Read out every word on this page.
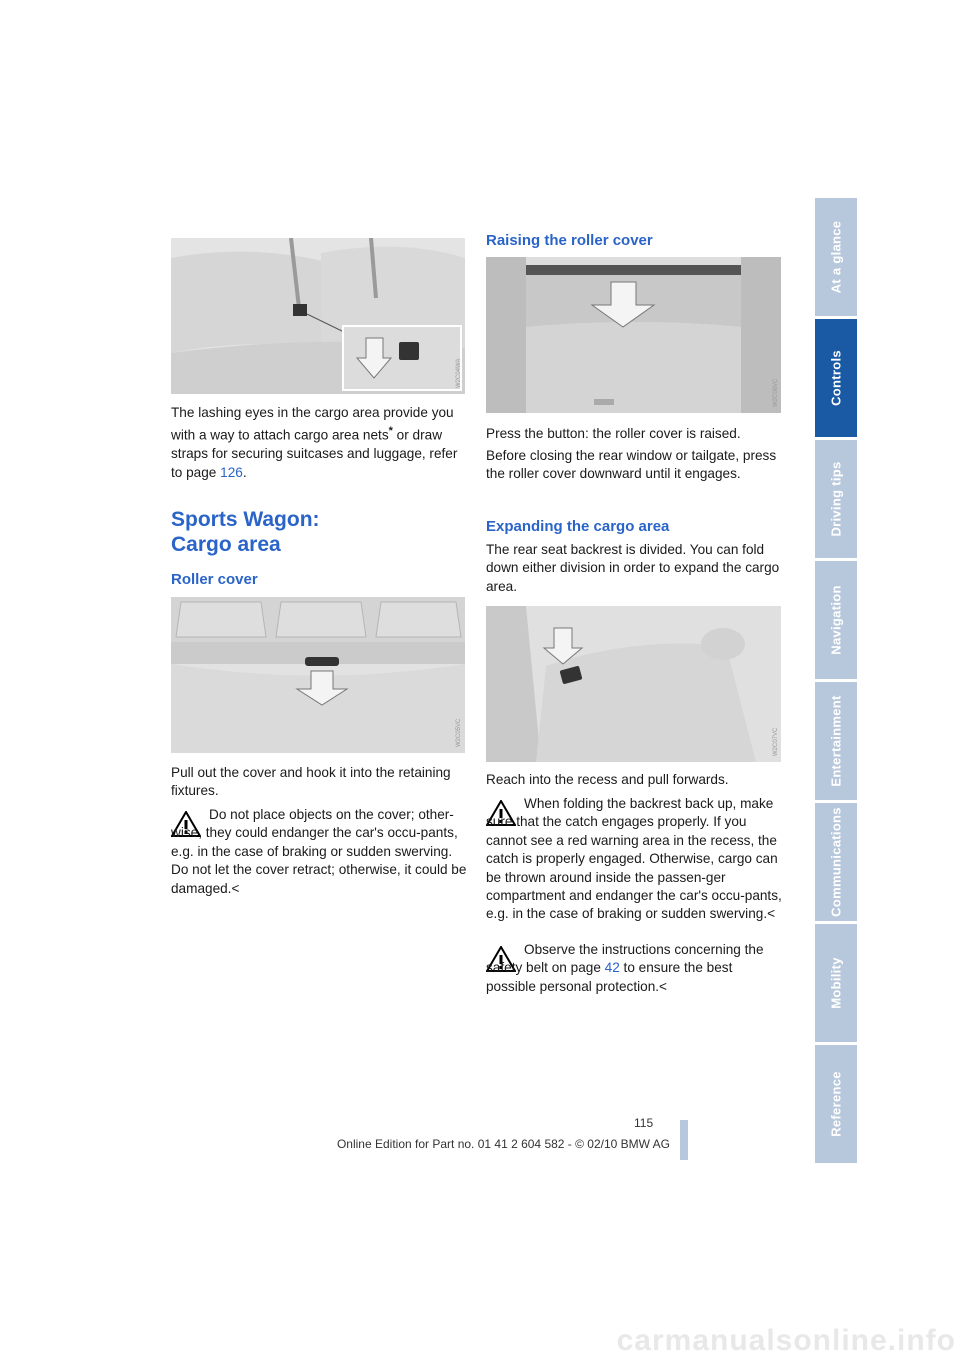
At a glance
Controls
Driving tips
Navigation
Entertainment
Communications
Mobility
Reference
W2C04WA

The lashing eyes in the cargo area provide you with a way to attach cargo area nets* or draw straps for securing suitcases and luggage, refer to page 126.

Sports Wagon:
Cargo area
Roller cover
W2C05VC
Pull out the cover and hook it into the retaining fixtures.

Do not place objects on the cover; other-wise, they could endanger the car's occu-pants, e.g. in the case of braking or sudden swerving.

Do not let the cover retract; otherwise, it could be damaged.<

Raising the roller cover
W2C06VC
Press the button: the roller cover is raised.
Before closing the rear window or tailgate, press the roller cover downward until it engages.
Expanding the cargo area
The rear seat backrest is divided. You can fold down either division in order to expand the cargo area.
W2C07VC
Reach into the recess and pull forwards.

When folding the backrest back up, make sure that the catch engages properly. If you cannot see a red warning area in the recess, the catch is properly engaged. Otherwise, cargo can be thrown around inside the passen-ger compartment and endanger the car's occu-pants, e.g. in the case of braking or sudden swerving.<

Observe the instructions concerning the safety belt on page 42 to ensure the best possible personal protection.<

115
Online Edition for Part no. 01 41 2 604 582 - © 02/10 BMW AG
carmanualsonline.info
